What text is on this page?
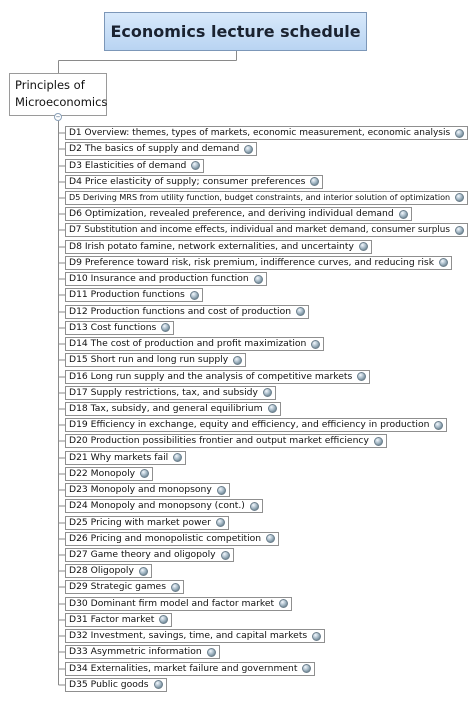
Economics lecture schedule
Principles of Microeconomics
−
D1 Overview: themes, types of markets, economic measurement, economic analysis
D2 The basics of supply and demand
D3 Elasticities of demand
D4 Price elasticity of supply; consumer preferences
D5 Deriving MRS from utility function, budget constraints, and interior solution of optimization
D6 Optimization, revealed preference, and deriving individual demand
D7 Substitution and income effects, individual and market demand, consumer surplus
D8 Irish potato famine, network externalities, and uncertainty
D9 Preference toward risk, risk premium, indifference curves, and reducing risk
D10 Insurance and production function
D11 Production functions
D12 Production functions and cost of production
D13 Cost functions
D14 The cost of production and profit maximization
D15 Short run and long run supply
D16 Long run supply and the analysis of competitive markets
D17 Supply restrictions, tax, and subsidy
D18 Tax, subsidy, and general equilibrium
D19 Efficiency in exchange, equity and efficiency, and efficiency in production
D20 Production possibilities frontier and output market efficiency
D21 Why markets fail
D22 Monopoly
D23 Monopoly and monopsony
D24 Monopoly and monopsony (cont.)
D25 Pricing with market power
D26 Pricing and monopolistic competition
D27 Game theory and oligopoly
D28 Oligopoly
D29 Strategic games
D30 Dominant firm model and factor market
D31 Factor market
D32 Investment, savings, time, and capital markets
D33 Asymmetric information
D34 Externalities, market failure and government
D35 Public goods
